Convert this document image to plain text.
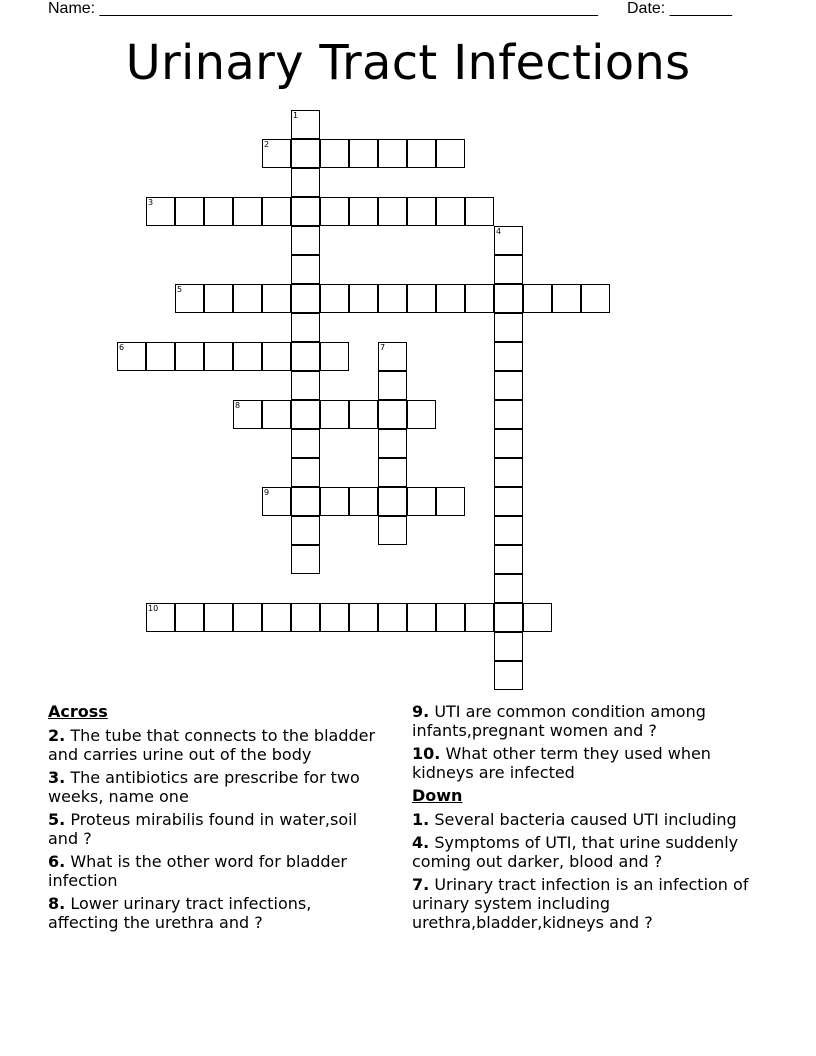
Name: ________________________________________________________ Date: _______
Urinary Tract Infections
1
2
3
4
5
6	7
8
9
10
Across
2. The tube that connects to the bladder and carries urine out of the body
3. The antibiotics are prescribe for two weeks, name one
5. Proteus mirabilis found in water,soil and ?
6. What is the other word for bladder infection
8. Lower urinary tract infections, affecting the urethra and ?
9. UTI are common condition among infants,pregnant women and ?
10. What other term they used when kidneys are infected
Down
1. Several bacteria caused UTI including
4. Symptoms of UTI, that urine suddenly coming out darker, blood and ?
7. Urinary tract infection is an infection of urinary system including urethra,bladder,kidneys and ?
